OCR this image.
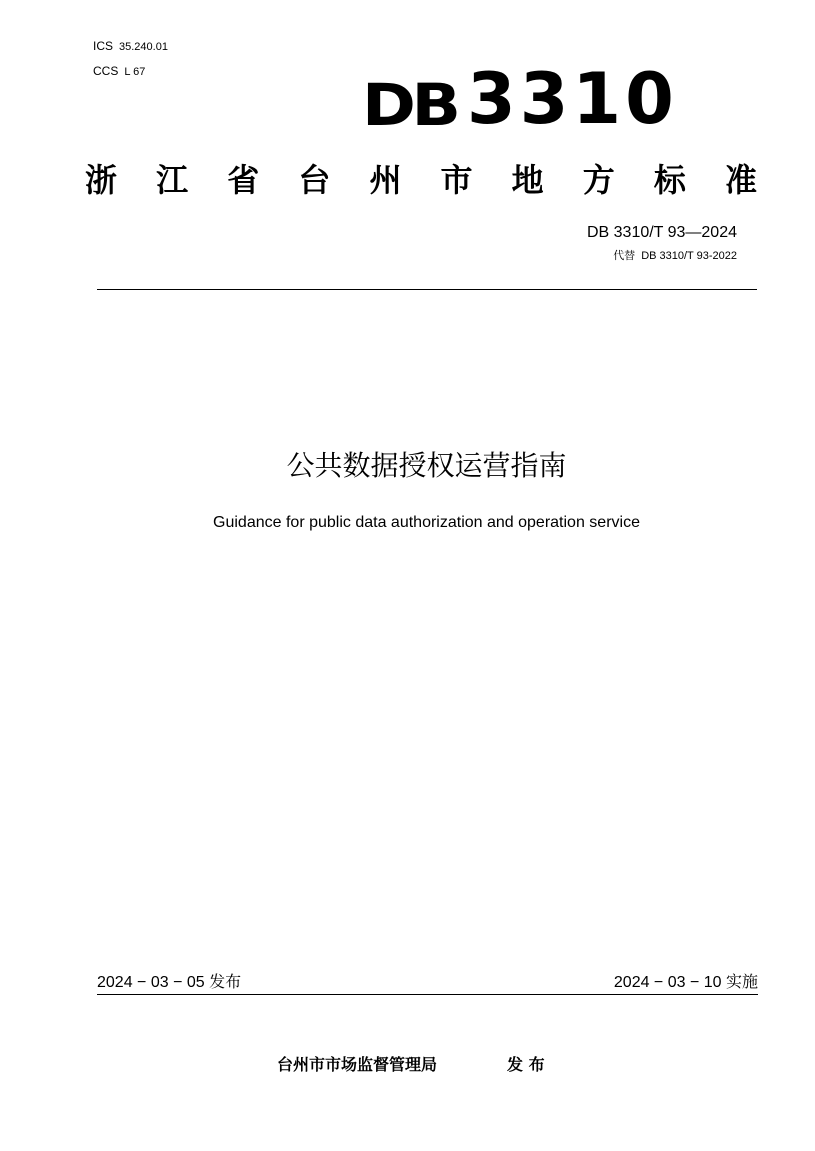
ICS 35.240.01
CCS L 67	DB 3310
浙 江 省 台 州 市 地 方 标 准
DB 3310/T 93—2024
代替 DB 3310/T 93-2022
公共数据授权运营指南
Guidance for public data authorization and operation service
2024 − 03 − 05 发布	2024 − 03 − 10 实施
台州市市场监督管理局	发 布
